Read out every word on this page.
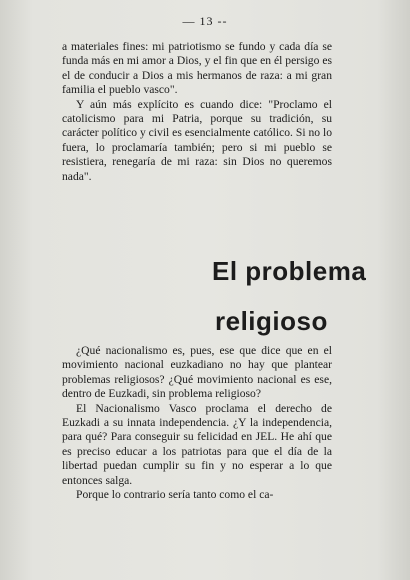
— 13 --

a materiales fines: mi patriotismo se fundo y cada día se funda más en mi amor a Dios, y el fin que en él persigo es el de conducir a Dios a mis hermanos de raza: a mi gran familia el pueblo vasco".

Y aún más explícito es cuando dice: "Proclamo el catolicismo para mi Patria, porque su tradición, su carácter político y civil es esencialmente católico. Si no lo fuera, lo proclamaría también; pero si mi pueblo se resistiera, renegaría de mi raza: sin Dios no queremos nada".

El problema
religioso

¿Qué nacionalismo es, pues, ese que dice que en el movimiento nacional euzkadiano no hay que plantear problemas religiosos? ¿Qué movimiento nacional es ese, dentro de Euzkadi, sin problema religioso?

El Nacionalismo Vasco proclama el derecho de Euzkadi a su innata independencia. ¿Y la independencia, para qué? Para conseguir su felicidad en JEL. He ahí que es preciso educar a los patriotas para que el día de la libertad puedan cumplir su fin y no esperar a lo que entonces salga.

Porque lo contrario sería tanto como el ca-
